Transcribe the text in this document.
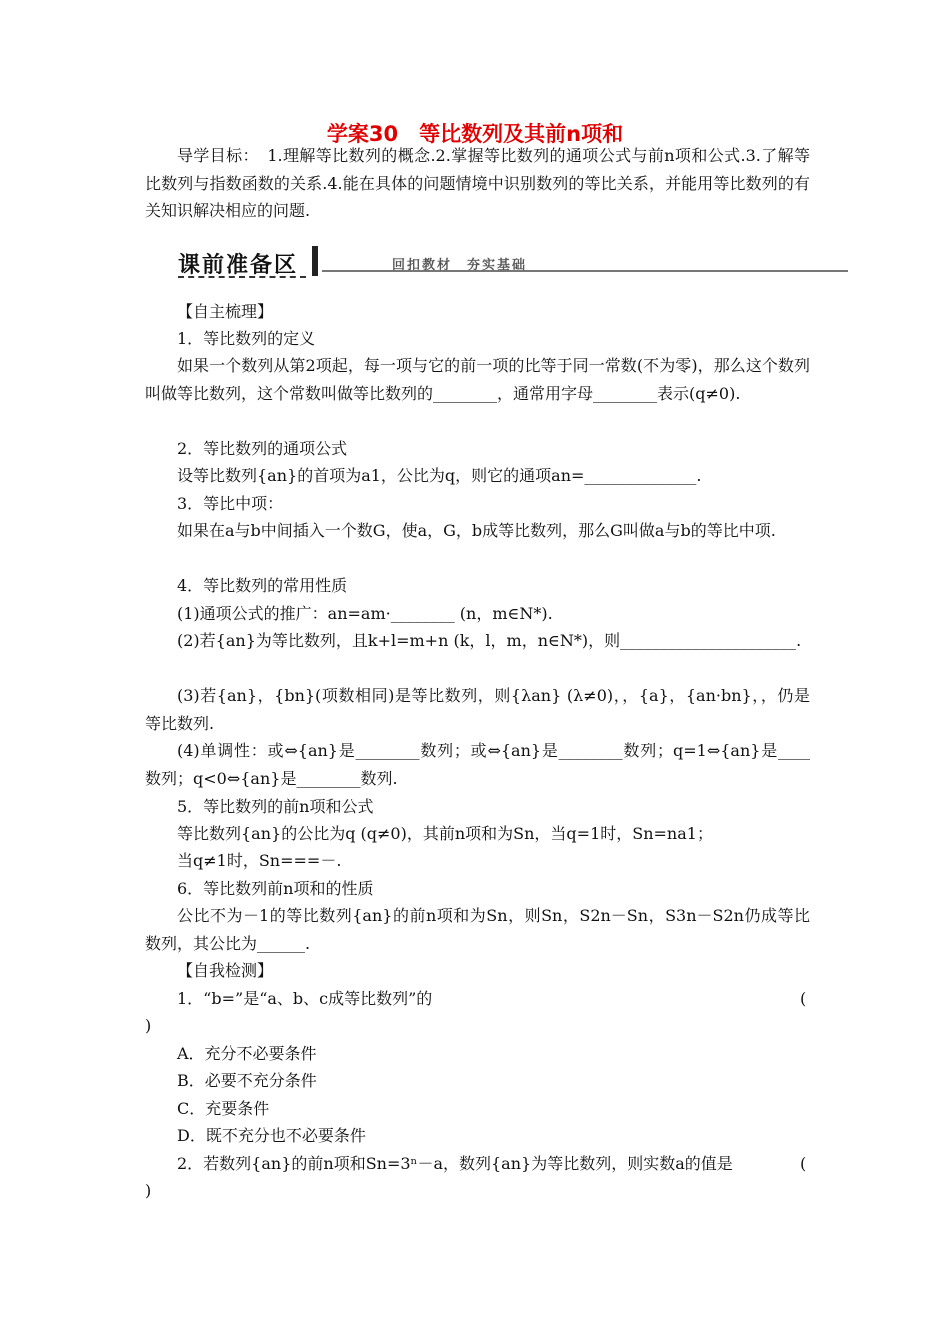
学案30　等比数列及其前n项和
导学目标：　1.理解等比数列的概念.2.掌握等比数列的通项公式与前n项和公式.3.了解等比数列与指数函数的关系.4.能在具体的问题情境中识别数列的等比关系，并能用等比数列的有关知识解决相应的问题.
课前准备区	回扣教材　夯实基础
【自主梳理】
1．等比数列的定义
如果一个数列从第2项起，每一项与它的前一项的比等于同一常数(不为零)，那么这个数列叫做等比数列，这个常数叫做等比数列的________，通常用字母________表示(q≠0).
2．等比数列的通项公式
设等比数列{an}的首项为a1，公比为q，则它的通项an=______________.
3．等比中项：
如果在a与b中间插入一个数G，使a，G，b成等比数列，那么G叫做a与b的等比中项.
4．等比数列的常用性质
(1)通项公式的推广：an=am·________ (n，m∈N*).
(2)若{an}为等比数列，且k+l=m+n (k，l，m，n∈N*)，则______________________.
(3)若{an}，{bn}(项数相同)是等比数列，则{λan} (λ≠0)，，{a}，{an·bn}，，仍是等比数列.
(4)单调性：或⇔{an}是________数列；或⇔{an}是________数列；q=1⇔{an}是____数列；q<0⇔{an}是________数列.
5．等比数列的前n项和公式
等比数列{an}的公比为q (q≠0)，其前n项和为Sn，当q=1时，Sn=na1；
当q≠1时，Sn===－.
6．等比数列前n项和的性质
公比不为－1的等比数列{an}的前n项和为Sn，则Sn，S2n－Sn，S3n－S2n仍成等比数列，其公比为______.
【自我检测】
1．“b=”是“a、b、c成等比数列”的	(
)
A．充分不必要条件
B．必要不充分条件
C．充要条件
D．既不充分也不必要条件
2．若数列{an}的前n项和Sn=3ⁿ－a，数列{an}为等比数列，则实数a的值是	(
)
